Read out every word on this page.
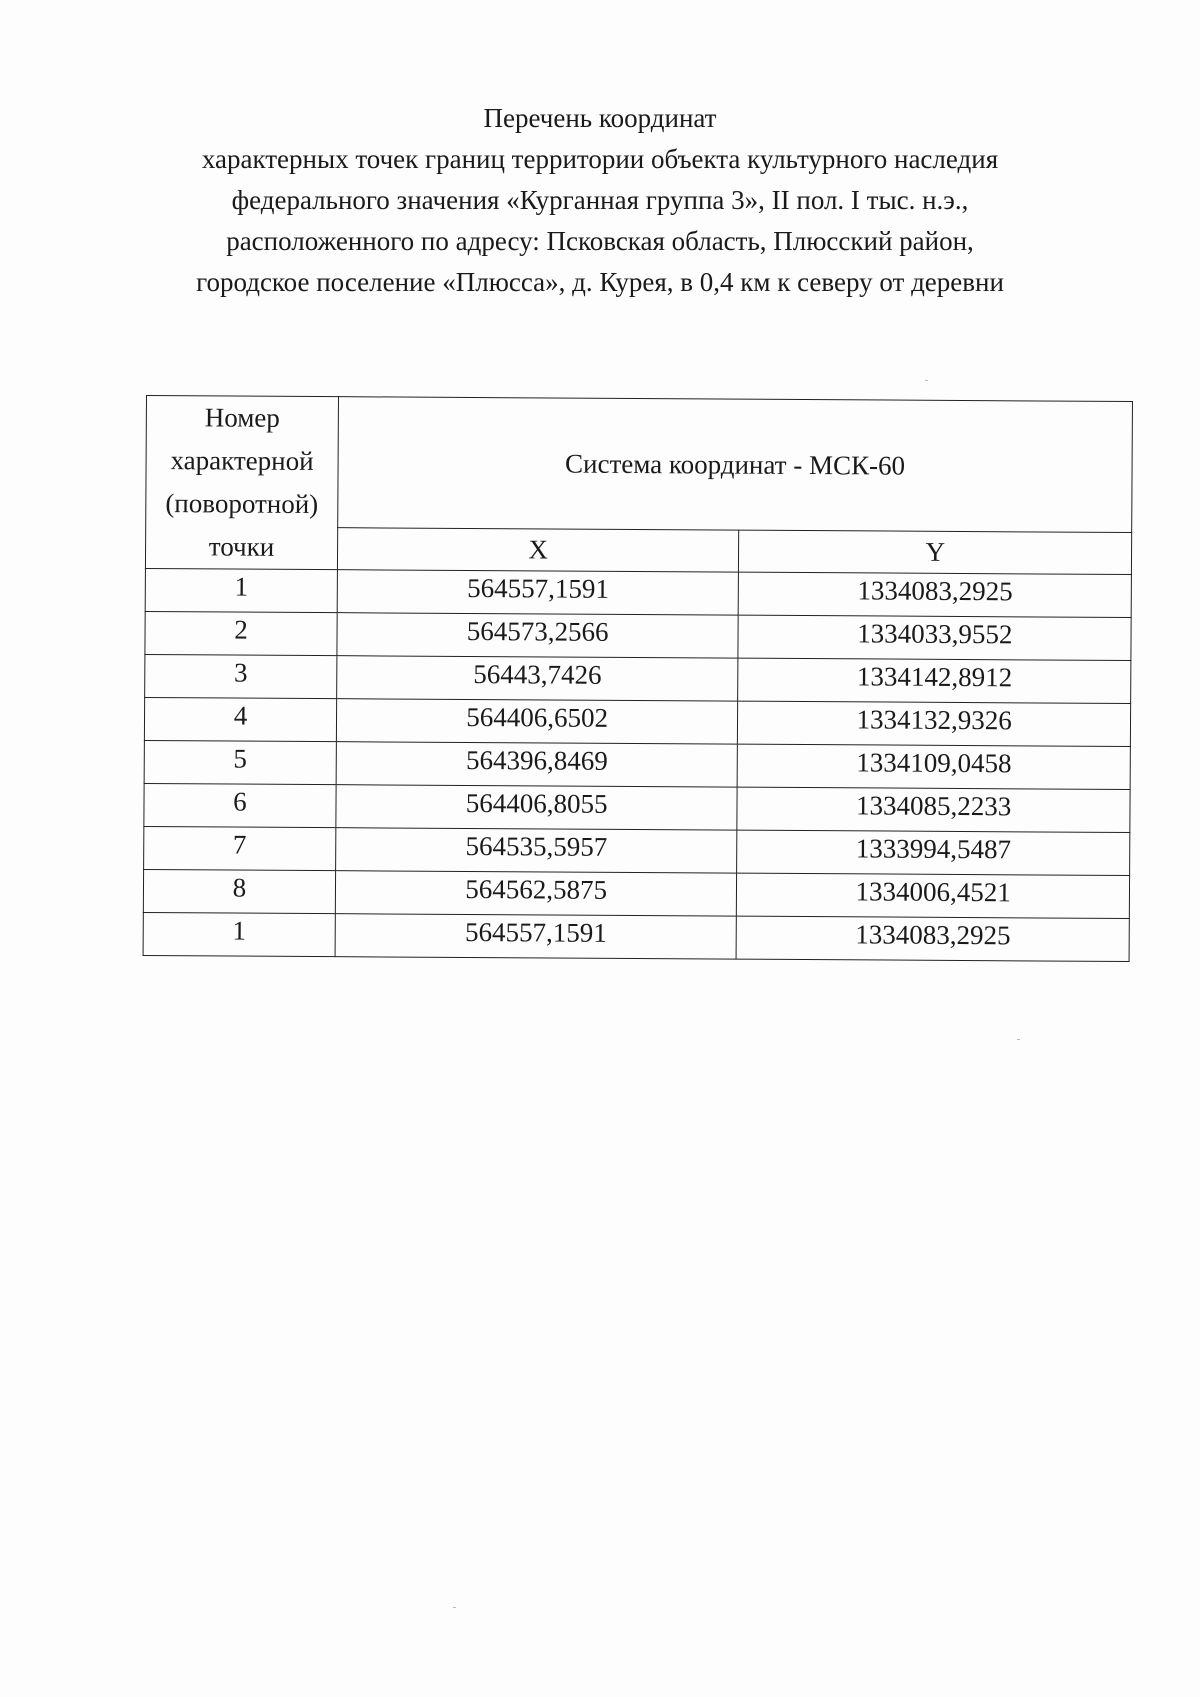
Перечень координат
характерных точек границ территории объекта культурного наследия
федерального значения «Курганная группа 3», II пол. I тыс. н.э.,
расположенного по адресу: Псковская область, Плюсский район,
городское поселение «Плюсса», д. Курея, в 0,4 км к северу от деревни
Номер
характерной
(поворотной)
точки	Система координат - МСК-60	
	X	Y
1	564557,1591	1334083,2925
2	564573,2566	1334033,9552
3	56443,7426	1334142,8912
4	564406,6502	1334132,9326
5	564396,8469	1334109,0458
6	564406,8055	1334085,2233
7	564535,5957	1333994,5487
8	564562,5875	1334006,4521
1	564557,1591	1334083,2925
